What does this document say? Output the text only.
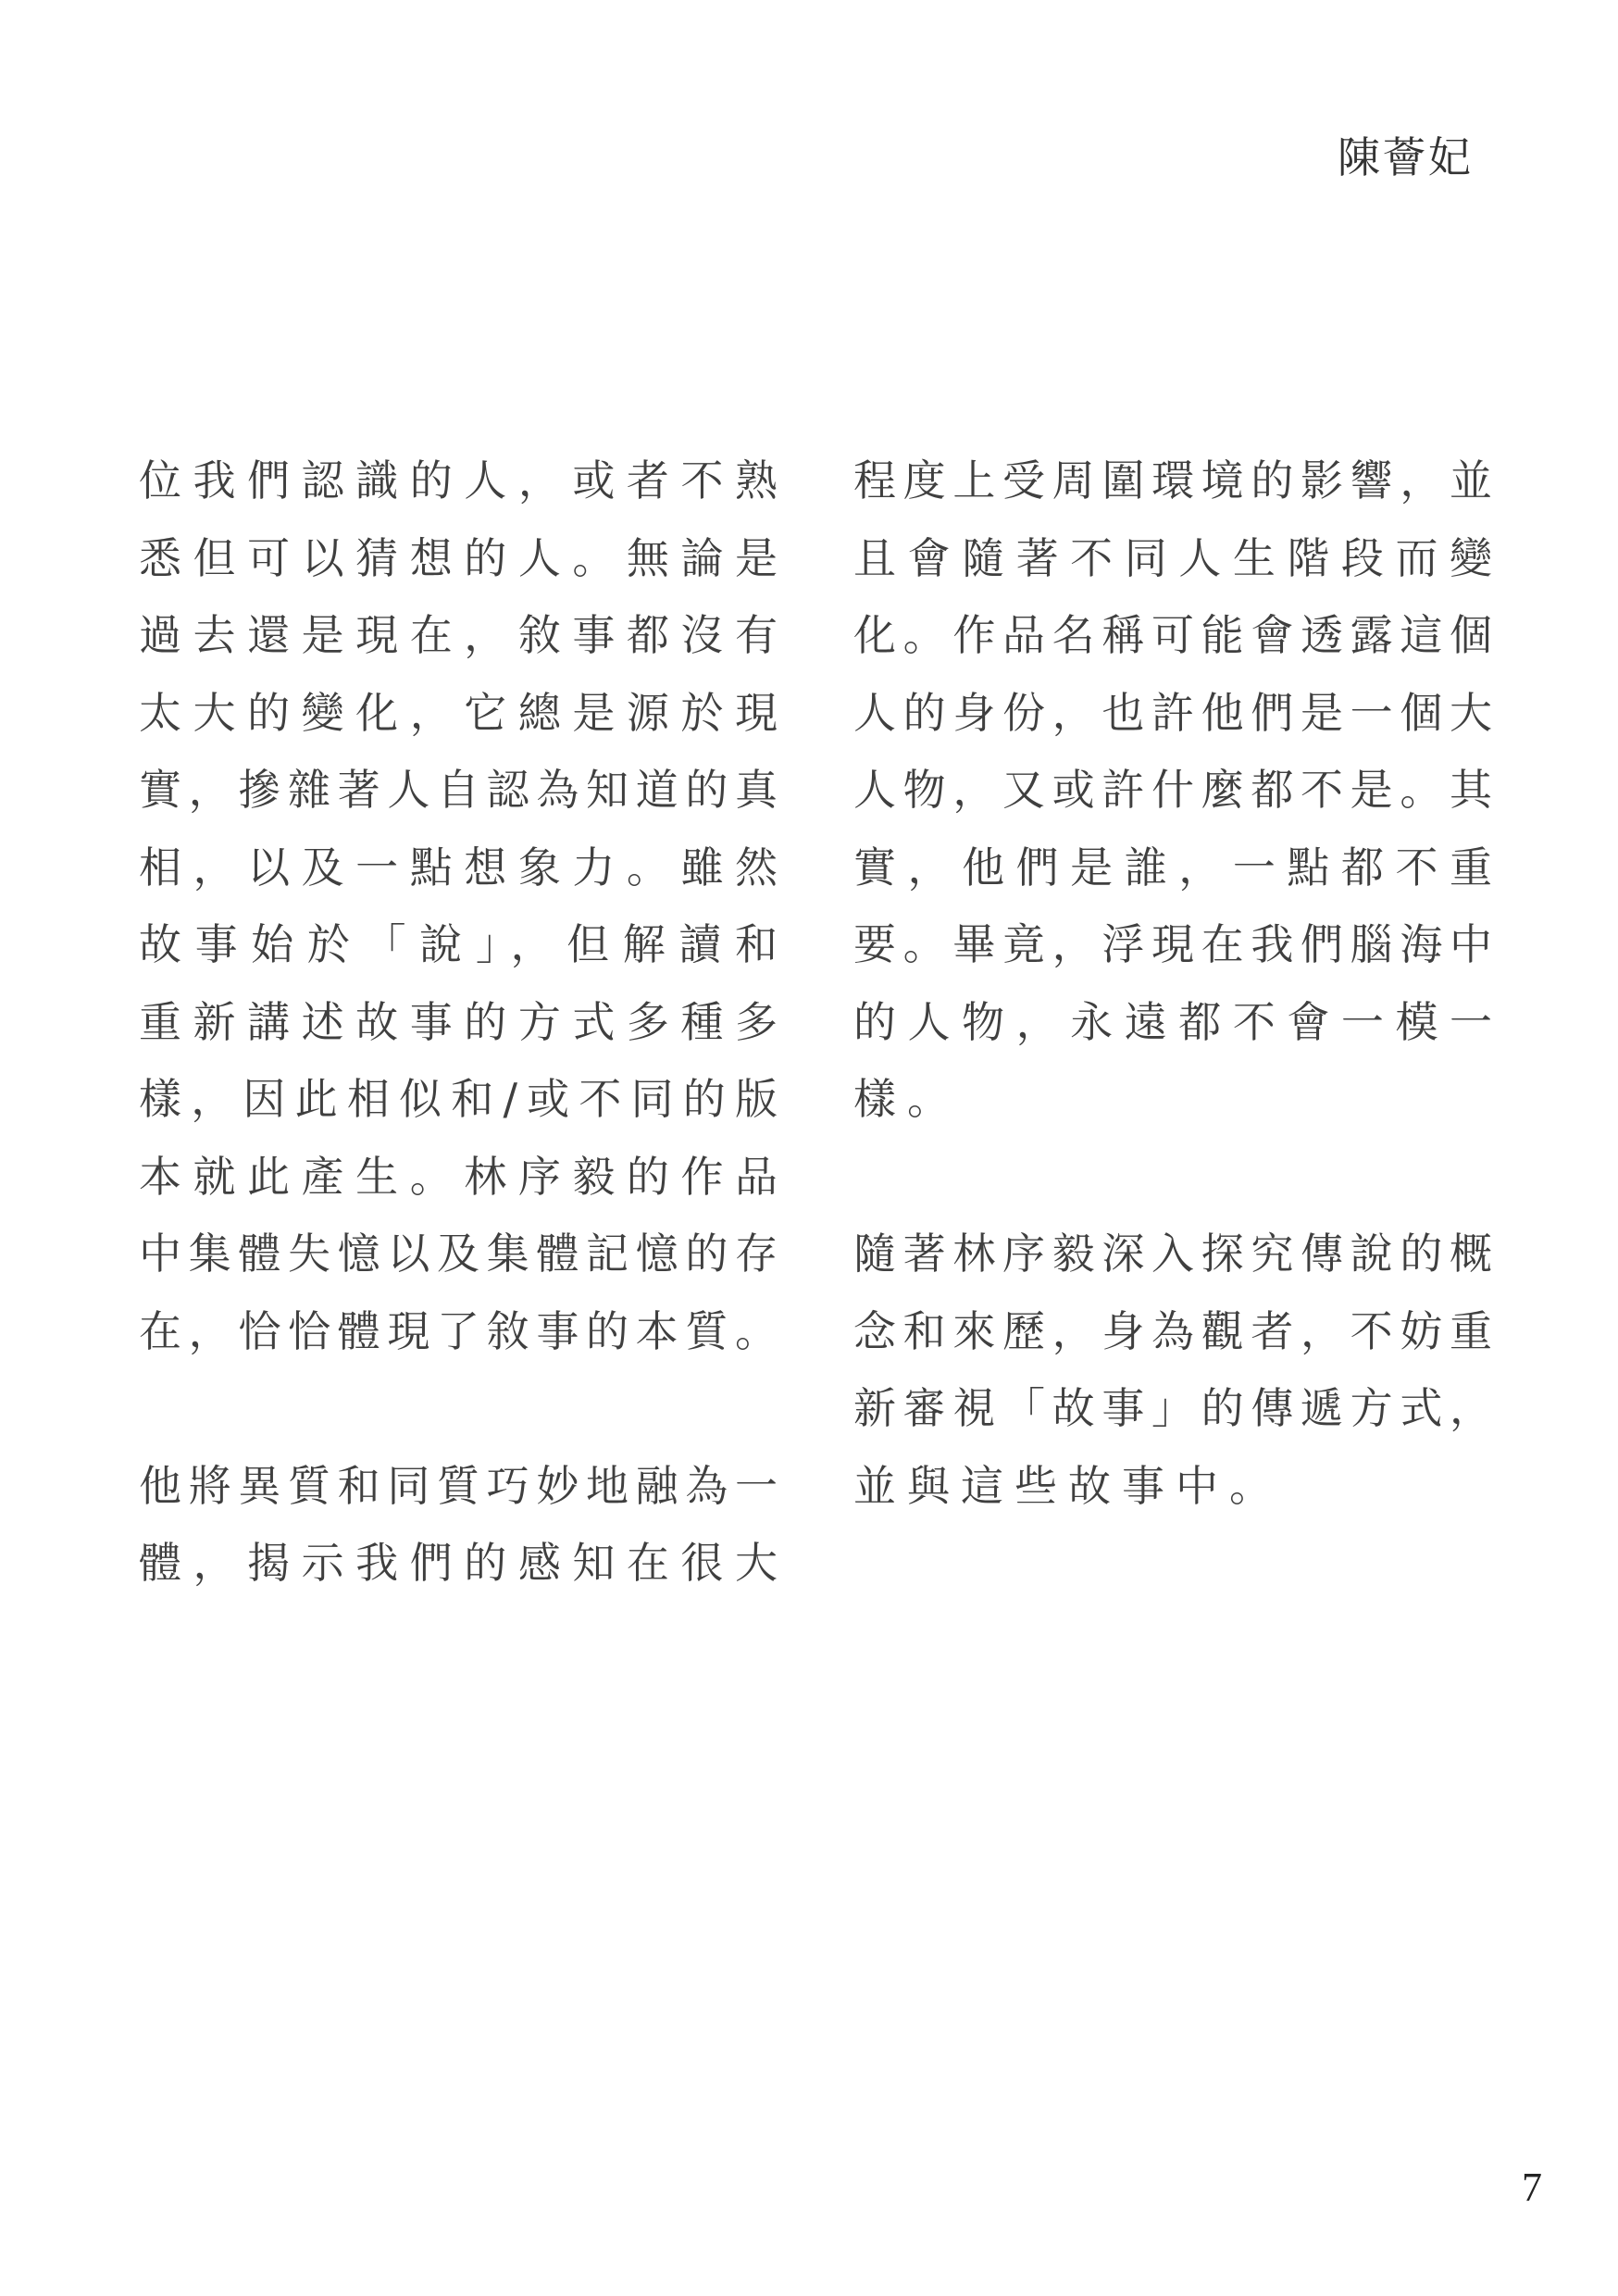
陳薈妃
位我們認識的人，或者不熟
悉但可以猜想的人。無論是
過去還是現在，敘事都沒有
太大的變化，它總是源於現
實，摻雜著人自認為知道的真
相，以及一點想象力。雖然
故事始於「說」，但解讀和
重新講述故事的方式多種多
樣，因此相似和/或不同的版
本就此產生。林序毅的作品
中集體失憶以及集體記憶的存
在，恰恰體現了敘事的本質。
他將異質和同質巧妙地融為一
體，揭示我們的感知在很大
程度上受周圍環境的影響，並
且會隨著不同人生階段而變
化。作品名稱可能會透露這個
人的身份，也許他們是一個大
人物，又或許什麼都不是。其
實，他們是誰，一點都不重
要。畢竟，浮現在我們腦海中
的人物，永遠都不會一模一
樣。
隨著林序毅深入探究傳說的概
念和來歷，身為觀者，不妨重
新審視「故事」的傳遞方式，
並與這些故事中。
7
